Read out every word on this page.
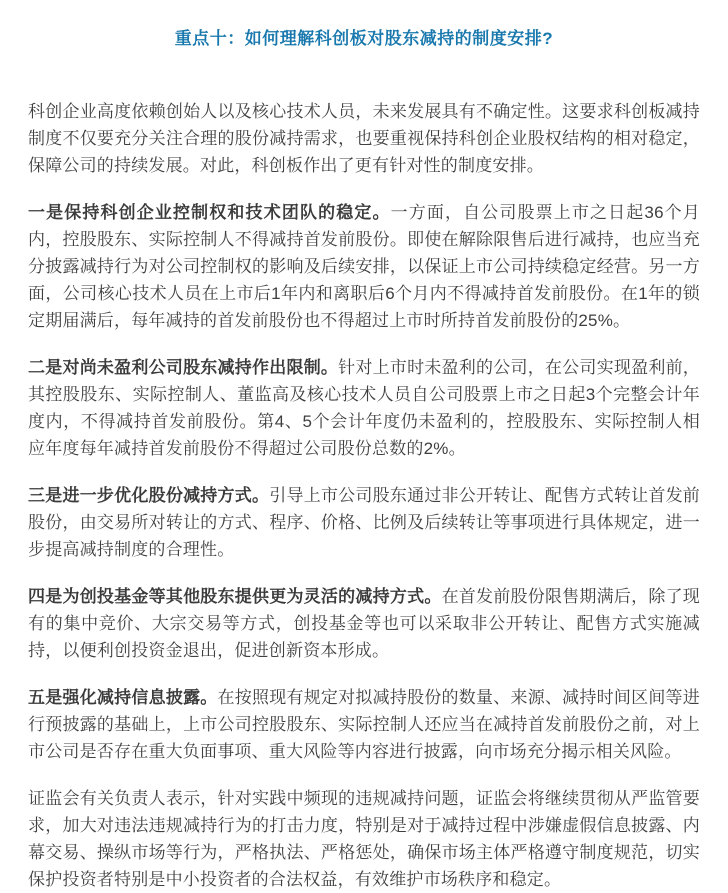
重点十：如何理解科创板对股东减持的制度安排?

科创企业高度依赖创始人以及核心技术人员，未来发展具有不确定性。这要求科创板减持制度不仅要充分关注合理的股份减持需求，也要重视保持科创企业股权结构的相对稳定，保障公司的持续发展。对此，科创板作出了更有针对性的制度安排。

一是保持科创企业控制权和技术团队的稳定。一方面，自公司股票上市之日起36个月内，控股股东、实际控制人不得减持首发前股份。即使在解除限售后进行减持，也应当充分披露减持行为对公司控制权的影响及后续安排，以保证上市公司持续稳定经营。另一方面，公司核心技术人员在上市后1年内和离职后6个月内不得减持首发前股份。在1年的锁定期届满后，每年减持的首发前股份也不得超过上市时所持首发前股份的25%。

二是对尚未盈利公司股东减持作出限制。针对上市时未盈利的公司，在公司实现盈利前，其控股股东、实际控制人、董监高及核心技术人员自公司股票上市之日起3个完整会计年度内，不得减持首发前股份。第4、5个会计年度仍未盈利的，控股股东、实际控制人相应年度每年减持首发前股份不得超过公司股份总数的2%。

三是进一步优化股份减持方式。引导上市公司股东通过非公开转让、配售方式转让首发前股份，由交易所对转让的方式、程序、价格、比例及后续转让等事项进行具体规定，进一步提高减持制度的合理性。

四是为创投基金等其他股东提供更为灵活的减持方式。在首发前股份限售期满后，除了现有的集中竞价、大宗交易等方式，创投基金等也可以采取非公开转让、配售方式实施减持，以便利创投资金退出，促进创新资本形成。

五是强化减持信息披露。在按照现有规定对拟减持股份的数量、来源、减持时间区间等进行预披露的基础上，上市公司控股股东、实际控制人还应当在减持首发前股份之前，对上市公司是否存在重大负面事项、重大风险等内容进行披露，向市场充分揭示相关风险。

证监会有关负责人表示，针对实践中频现的违规减持问题，证监会将继续贯彻从严监管要求，加大对违法违规减持行为的打击力度，特别是对于减持过程中涉嫌虚假信息披露、内幕交易、操纵市场等行为，严格执法、严格惩处，确保市场主体严格遵守制度规范，切实保护投资者特别是中小投资者的合法权益，有效维护市场秩序和稳定。
